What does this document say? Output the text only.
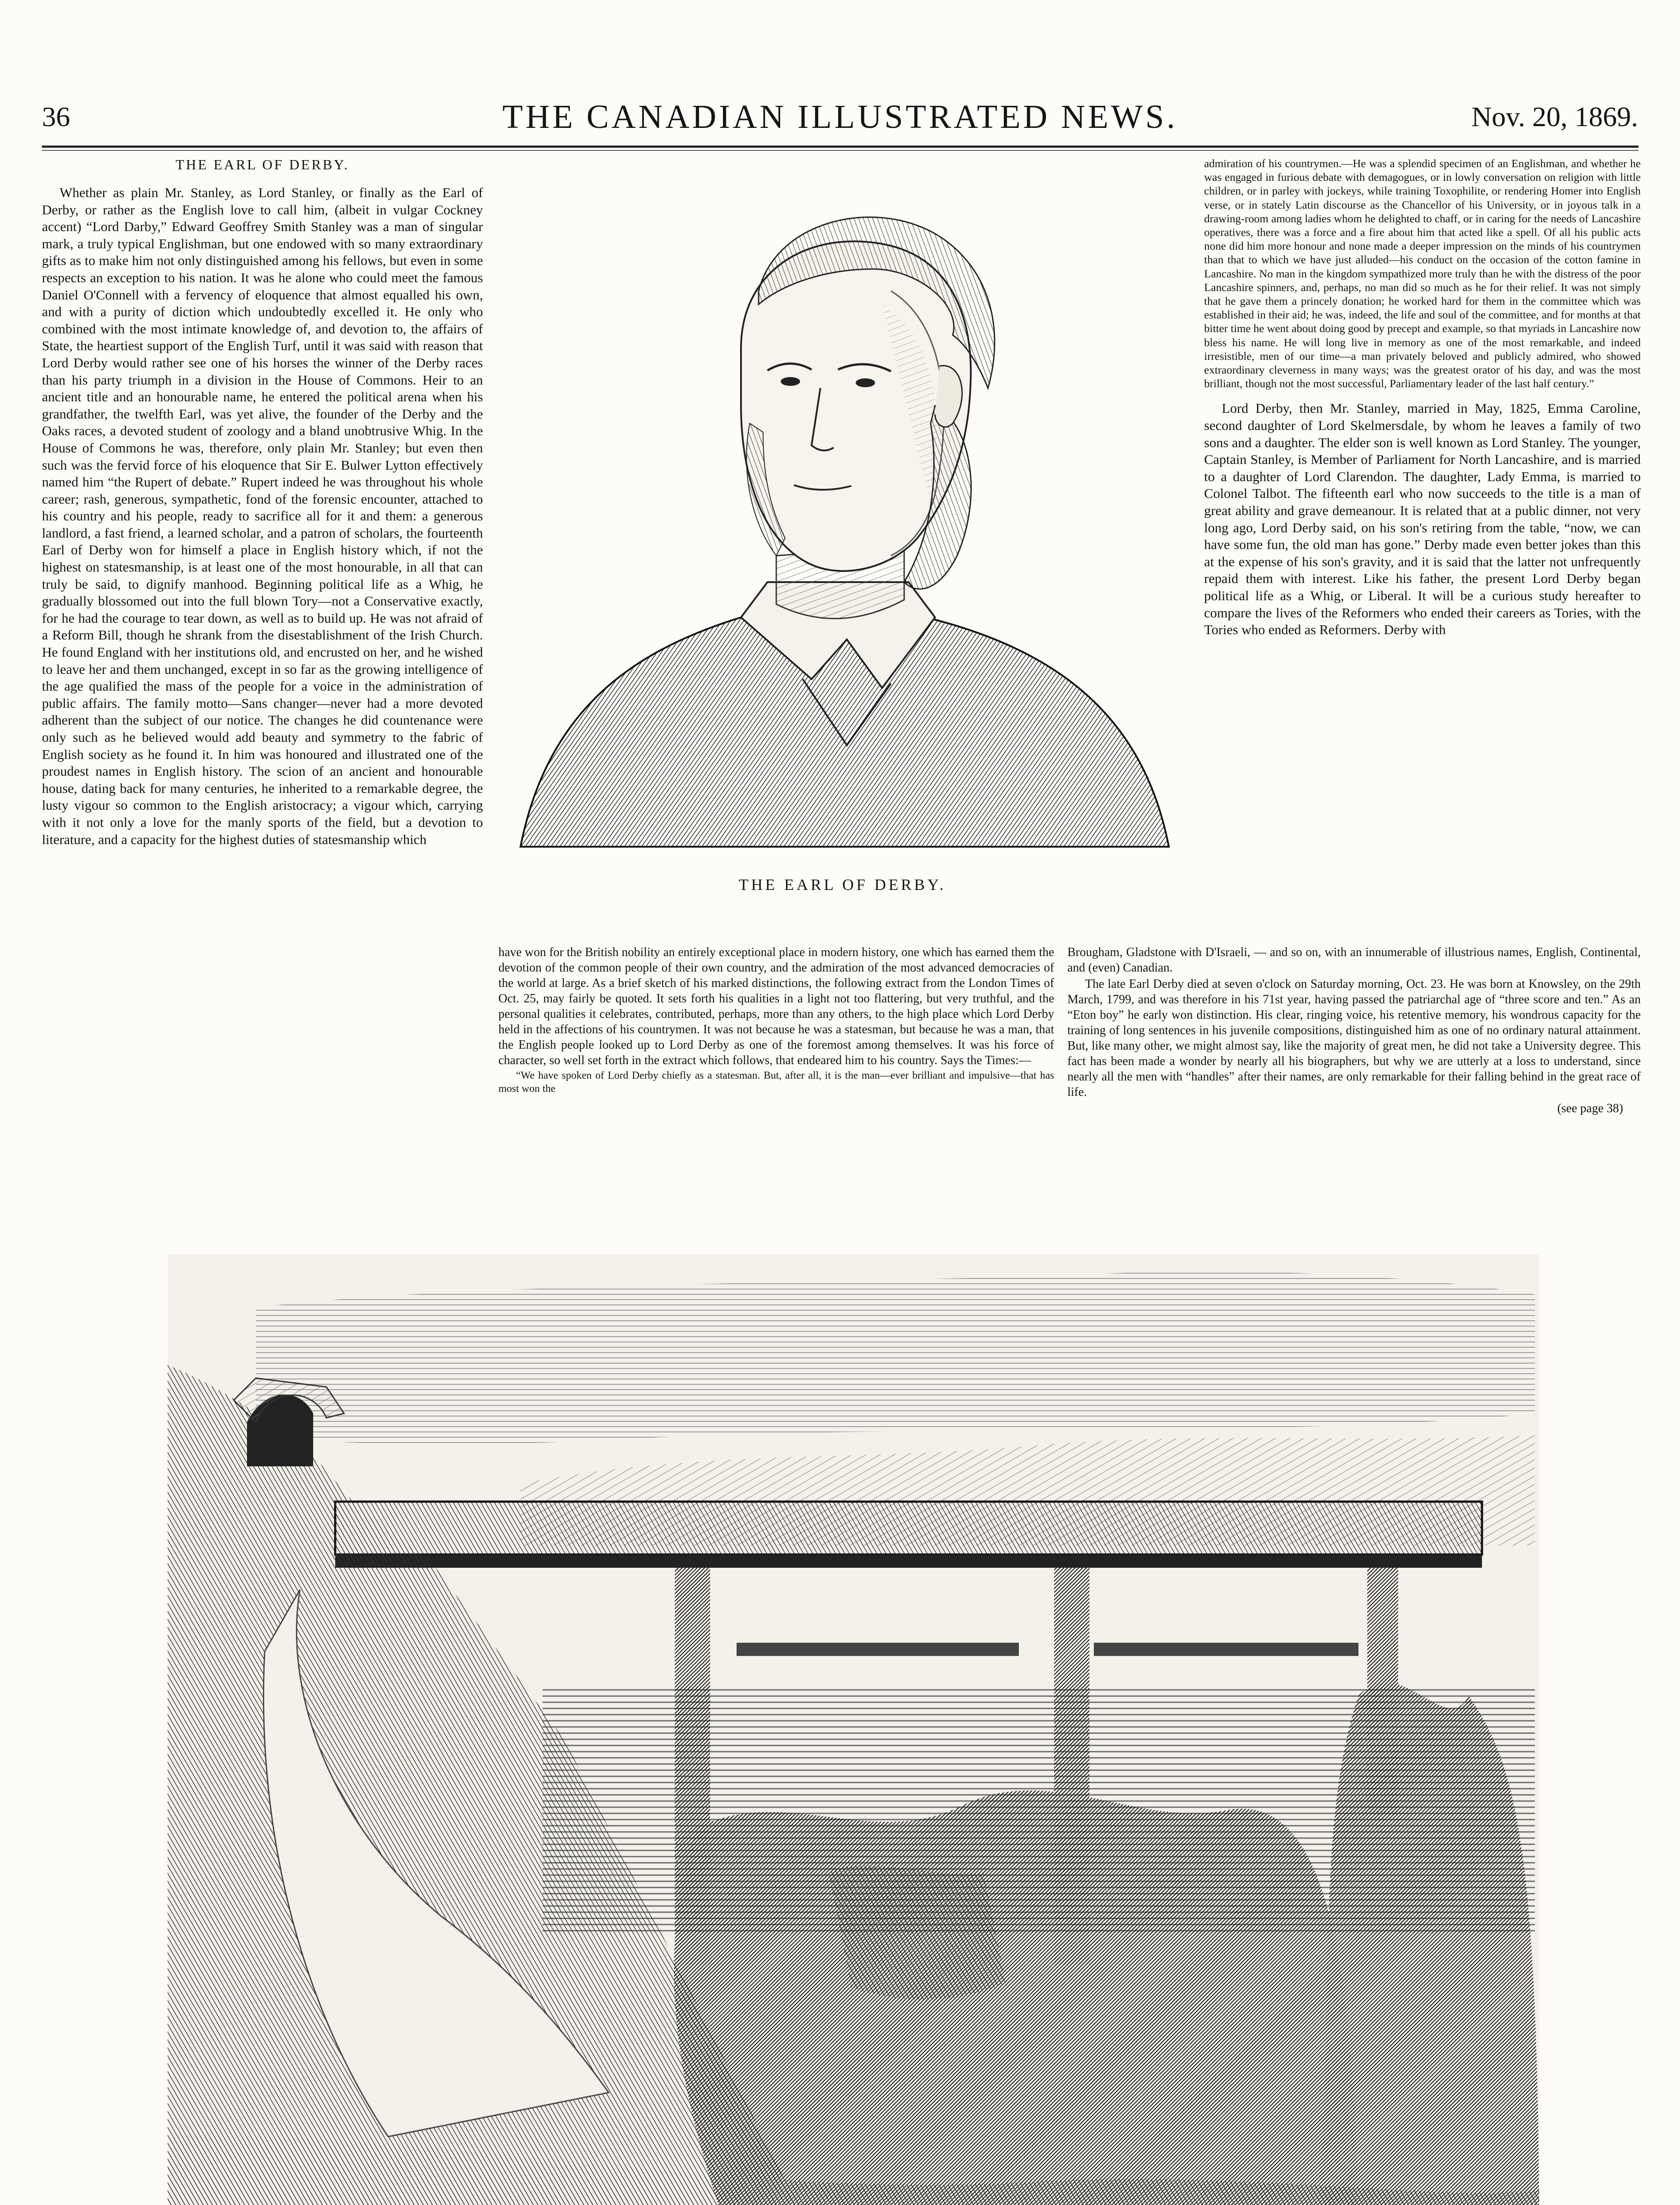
36	THE CANADIAN ILLUSTRATED NEWS.	Nov. 20, 1869.
THE EARL OF DERBY.

Whether as plain Mr. Stanley, as Lord Stanley, or finally as the Earl of Derby, or rather as the English love to call him, (albeit in vulgar Cockney accent) “Lord Darby,” Edward Geoffrey Smith Stanley was a man of singular mark, a truly typical Englishman, but one endowed with so many extraordinary gifts as to make him not only distinguished among his fellows, but even in some respects an exception to his nation. It was he alone who could meet the famous Daniel O'Connell with a fervency of eloquence that almost equalled his own, and with a purity of diction which undoubtedly excelled it. He only who combined with the most intimate knowledge of, and devotion to, the affairs of State, the heartiest support of the English Turf, until it was said with reason that Lord Derby would rather see one of his horses the winner of the Derby races than his party triumph in a division in the House of Commons. Heir to an ancient title and an honourable name, he entered the political arena when his grandfather, the twelfth Earl, was yet alive, the founder of the Derby and the Oaks races, a devoted student of zoology and a bland unobtrusive Whig. In the House of Commons he was, therefore, only plain Mr. Stanley; but even then such was the fervid force of his eloquence that Sir E. Bulwer Lytton effectively named him “the Rupert of debate.” Rupert indeed he was throughout his whole career; rash, generous, sympathetic, fond of the forensic encounter, attached to his country and his people, ready to sacrifice all for it and them: a generous landlord, a fast friend, a learned scholar, and a patron of scholars, the fourteenth Earl of Derby won for himself a place in English history which, if not the highest on statesmanship, is at least one of the most honourable, in all that can truly be said, to dignify manhood. Beginning political life as a Whig, he gradually blossomed out into the full blown Tory—not a Conservative exactly, for he had the courage to tear down, as well as to build up. He was not afraid of a Reform Bill, though he shrank from the disestablishment of the Irish Church. He found England with her institutions old, and encrusted on her, and he wished to leave her and them unchanged, except in so far as the growing intelligence of the age qualified the mass of the people for a voice in the administration of public affairs. The family motto—Sans changer—never had a more devoted adherent than the subject of our notice. The changes he did countenance were only such as he believed would add beauty and symmetry to the fabric of English society as he found it. In him was honoured and illustrated one of the proudest names in English history. The scion of an ancient and honourable house, dating back for many centuries, he inherited to a remarkable degree, the lusty vigour so common to the English aristocracy; a vigour which, carrying with it not only a love for the manly sports of the field, but a devotion to literature, and a capacity for the highest duties of statesmanship which

THE EARL OF DERBY.

admiration of his countrymen.—He was a splendid specimen of an Englishman, and whether he was engaged in furious debate with demagogues, or in lowly conversation on religion with little children, or in parley with jockeys, while training Toxophilite, or rendering Homer into English verse, or in stately Latin discourse as the Chancellor of his University, or in joyous talk in a drawing-room among ladies whom he delighted to chaff, or in caring for the needs of Lancashire operatives, there was a force and a fire about him that acted like a spell. Of all his public acts none did him more honour and none made a deeper impression on the minds of his countrymen than that to which we have just alluded—his conduct on the occasion of the cotton famine in Lancashire. No man in the kingdom sympathized more truly than he with the distress of the poor Lancashire spinners, and, perhaps, no man did so much as he for their relief. It was not simply that he gave them a princely donation; he worked hard for them in the committee which was established in their aid; he was, indeed, the life and soul of the committee, and for months at that bitter time he went about doing good by precept and example, so that myriads in Lancashire now bless his name. He will long live in memory as one of the most remarkable, and indeed irresistible, men of our time—a man privately beloved and publicly admired, who showed extraordinary cleverness in many ways; was the greatest orator of his day, and was the most brilliant, though not the most successful, Parliamentary leader of the last half century.”

Lord Derby, then Mr. Stanley, married in May, 1825, Emma Caroline, second daughter of Lord Skelmersdale, by whom he leaves a family of two sons and a daughter. The elder son is well known as Lord Stanley. The younger, Captain Stanley, is Member of Parliament for North Lancashire, and is married to a daughter of Lord Clarendon. The daughter, Lady Emma, is married to Colonel Talbot. The fifteenth earl who now succeeds to the title is a man of great ability and grave demeanour. It is related that at a public dinner, not very long ago, Lord Derby said, on his son's retiring from the table, “now, we can have some fun, the old man has gone.” Derby made even better jokes than this at the expense of his son's gravity, and it is said that the latter not unfrequently repaid them with interest. Like his father, the present Lord Derby began political life as a Whig, or Liberal. It will be a curious study hereafter to compare the lives of the Reformers who ended their careers as Tories, with the Tories who ended as Reformers. Derby with

have won for the British nobility an entirely exceptional place in modern history, one which has earned them the devotion of the common people of their own country, and the admiration of the most advanced democracies of the world at large. As a brief sketch of his marked distinctions, the following extract from the London Times of Oct. 25, may fairly be quoted. It sets forth his qualities in a light not too flattering, but very truthful, and the personal qualities it celebrates, contributed, perhaps, more than any others, to the high place which Lord Derby held in the affections of his countrymen. It was not because he was a statesman, but because he was a man, that the English people looked up to Lord Derby as one of the foremost among themselves. It was his force of character, so well set forth in the extract which follows, that endeared him to his country. Says the Times:—

“We have spoken of Lord Derby chiefly as a statesman. But, after all, it is the man—ever brilliant and impulsive—that has most won the

Brougham, Gladstone with D'Israeli, — and so on, with an innumerable of illustrious names, English, Continental, and (even) Canadian.

The late Earl Derby died at seven o'clock on Saturday morning, Oct. 23. He was born at Knowsley, on the 29th March, 1799, and was therefore in his 71st year, having passed the patriarchal age of “three score and ten.” As an “Eton boy” he early won distinction. His clear, ringing voice, his retentive memory, his wondrous capacity for the training of long sentences in his juvenile compositions, distinguished him as one of no ordinary natural attainment. But, like many other, we might almost say, like the majority of great men, he did not take a University degree. This fact has been made a wonder by nearly all his biographers, but why we are utterly at a loss to understand, since nearly all the men with “handles” after their names, are only remarkable for their falling behind in the great race of life.

(see page 38)
